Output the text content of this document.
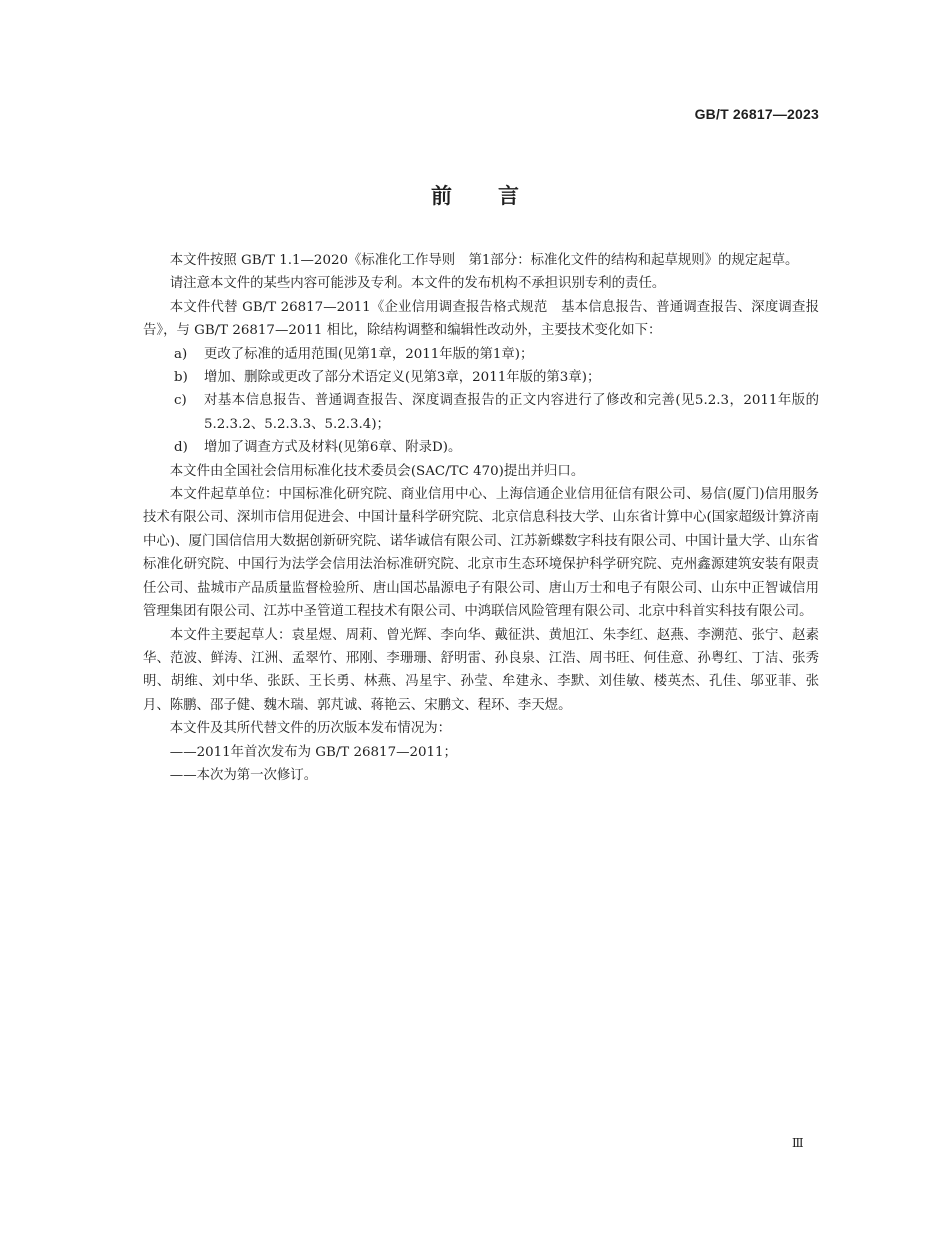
GB/T 26817—2023
前言

本文件按照 GB/T 1.1—2020《标准化工作导则　第1部分：标准化文件的结构和起草规则》的规定起草。

请注意本文件的某些内容可能涉及专利。本文件的发布机构不承担识别专利的责任。

本文件代替 GB/T 26817—2011《企业信用调查报告格式规范　基本信息报告、普通调查报告、深度调查报告》，与 GB/T 26817—2011 相比，除结构调整和编辑性改动外，主要技术变化如下：

a) 更改了标准的适用范围(见第1章，2011年版的第1章)；
b) 增加、删除或更改了部分术语定义(见第3章，2011年版的第3章)；
c) 对基本信息报告、普通调查报告、深度调查报告的正文内容进行了修改和完善(见5.2.3，2011年版的5.2.3.2、5.2.3.3、5.2.3.4)；
d) 增加了调查方式及材料(见第6章、附录D)。

本文件由全国社会信用标准化技术委员会(SAC/TC 470)提出并归口。

本文件起草单位：中国标准化研究院、商业信用中心、上海信通企业信用征信有限公司、易信(厦门)信用服务技术有限公司、深圳市信用促进会、中国计量科学研究院、北京信息科技大学、山东省计算中心(国家超级计算济南中心)、厦门国信信用大数据创新研究院、诺华诚信有限公司、江苏新蝶数字科技有限公司、中国计量大学、山东省标准化研究院、中国行为法学会信用法治标准研究院、北京市生态环境保护科学研究院、克州鑫源建筑安装有限责任公司、盐城市产品质量监督检验所、唐山国芯晶源电子有限公司、唐山万士和电子有限公司、山东中正智诚信用管理集团有限公司、江苏中圣管道工程技术有限公司、中鸿联信风险管理有限公司、北京中科首实科技有限公司。

本文件主要起草人：袁星煜、周莉、曾光辉、李向华、戴征洪、黄旭江、朱李红、赵燕、李溯范、张宁、赵素华、范波、鲜涛、江洲、孟翠竹、邢刚、李珊珊、舒明雷、孙良泉、江浩、周书旺、何佳意、孙粤红、丁洁、张秀明、胡维、刘中华、张跃、王长勇、林燕、冯星宇、孙莹、牟建永、李默、刘佳敏、楼英杰、孔佳、邬亚菲、张月、陈鹏、邵子健、魏木瑞、郭芃诚、蒋艳云、宋鹏文、程环、李天煜。

本文件及其所代替文件的历次版本发布情况为：

——2011年首次发布为 GB/T 26817—2011；

——本次为第一次修订。

Ⅲ
